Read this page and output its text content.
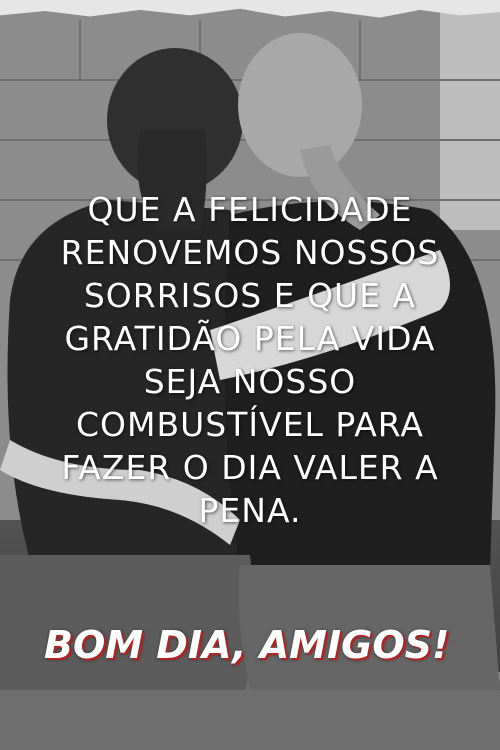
QUE A FELICIDADE RENOVEMOS NOSSOS SORRISOS E QUE A GRATIDÃO PELA VIDA SEJA NOSSO COMBUSTÍVEL PARA FAZER O DIA VALER A PENA.

BOM DIA, AMIGOS!
